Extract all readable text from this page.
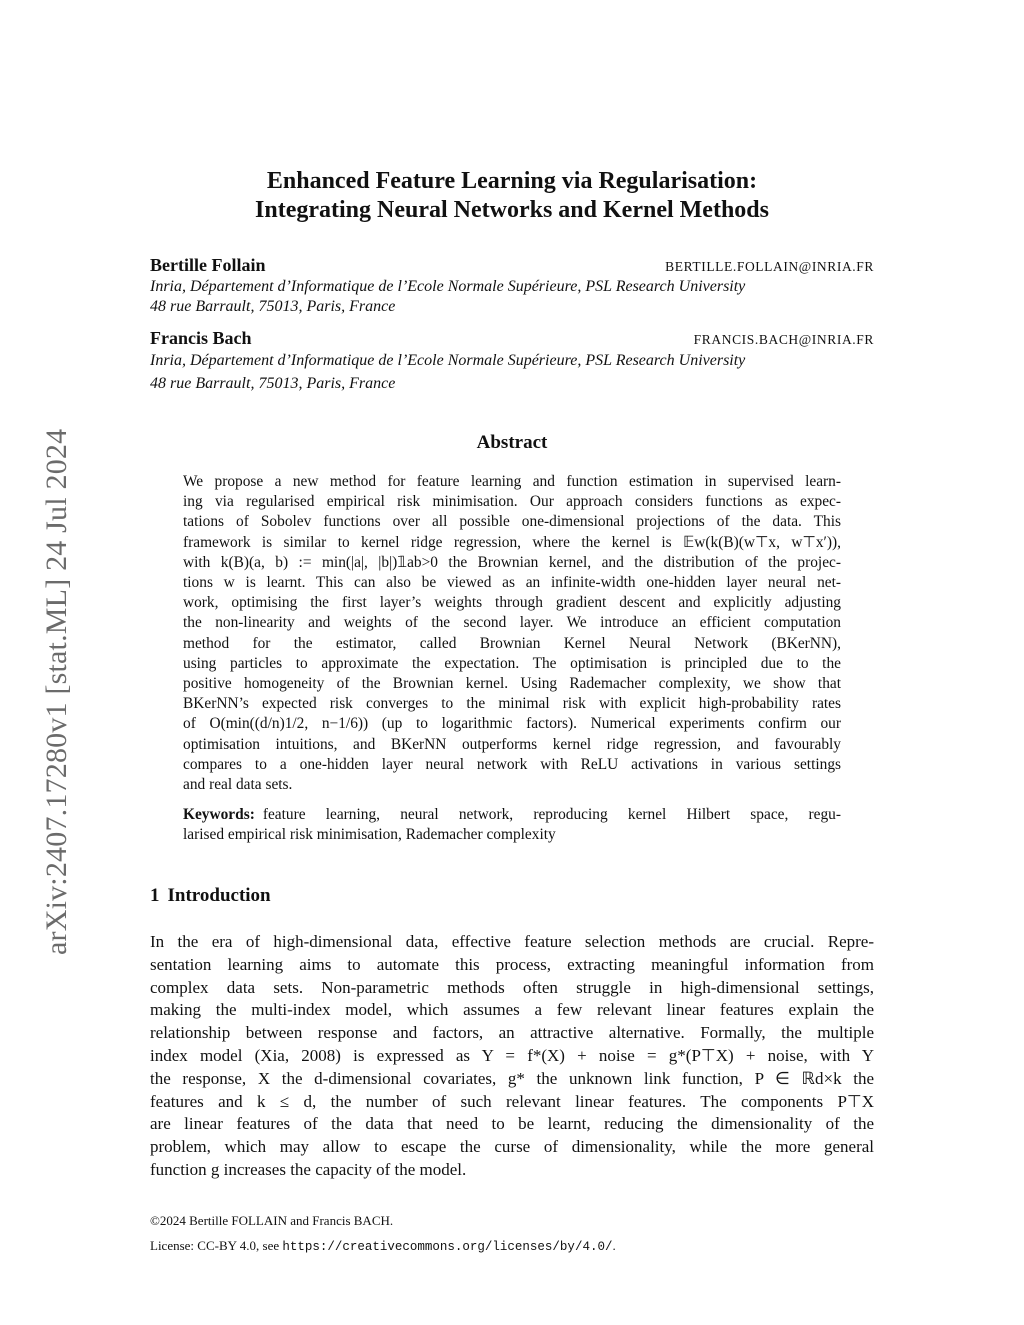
arXiv:2407.17280v1 [stat.ML] 24 Jul 2024
Enhanced Feature Learning via Regularisation:
Integrating Neural Networks and Kernel Methods
Bertille Follain	BERTILLE.FOLLAIN@INRIA.FR
Inria, Département d’Informatique de l’Ecole Normale Supérieure, PSL Research University
48 rue Barrault, 75013, Paris, France
Francis Bach	FRANCIS.BACH@INRIA.FR
Inria, Département d’Informatique de l’Ecole Normale Supérieure, PSL Research University
48 rue Barrault, 75013, Paris, France
Abstract
We propose a new method for feature learning and function estimation in supervised learn-
ing via regularised empirical risk minimisation. Our approach considers functions as expec-
tations of Sobolev functions over all possible one-dimensional projections of the data. This
framework is similar to kernel ridge regression, where the kernel is 𝔼w(k(B)(w⊤x, w⊤x′)),
with k(B)(a, b) := min(|a|, |b|)𝟙ab>0 the Brownian kernel, and the distribution of the projec-
tions w is learnt. This can also be viewed as an infinite-width one-hidden layer neural net-
work, optimising the first layer’s weights through gradient descent and explicitly adjusting
the non-linearity and weights of the second layer. We introduce an efficient computation
method for the estimator, called Brownian Kernel Neural Network (BKerNN),
using particles to approximate the expectation. The optimisation is principled due to the
positive homogeneity of the Brownian kernel. Using Rademacher complexity, we show that
BKerNN’s expected risk converges to the minimal risk with explicit high-probability rates
of O(min((d/n)1/2, n−1/6)) (up to logarithmic factors). Numerical experiments confirm our
optimisation intuitions, and BKerNN outperforms kernel ridge regression, and favourably
compares to a one-hidden layer neural network with ReLU activations in various settings
and real data sets.
Keywords: feature learning, neural network, reproducing kernel Hilbert space, regu-
larised empirical risk minimisation, Rademacher complexity
1 Introduction
In the era of high-dimensional data, effective feature selection methods are crucial. Repre-
sentation learning aims to automate this process, extracting meaningful information from
complex data sets. Non-parametric methods often struggle in high-dimensional settings,
making the multi-index model, which assumes a few relevant linear features explain the
relationship between response and factors, an attractive alternative. Formally, the multiple
index model (Xia, 2008) is expressed as Y = f*(X) + noise = g*(P⊤X) + noise, with Y
the response, X the d-dimensional covariates, g* the unknown link function, P ∈ ℝd×k the
features and k ≤ d, the number of such relevant linear features. The components P⊤X
are linear features of the data that need to be learnt, reducing the dimensionality of the
problem, which may allow to escape the curse of dimensionality, while the more general
function g increases the capacity of the model.
©2024 Bertille FOLLAIN and Francis BACH.
License: CC-BY 4.0, see https://creativecommons.org/licenses/by/4.0/.
